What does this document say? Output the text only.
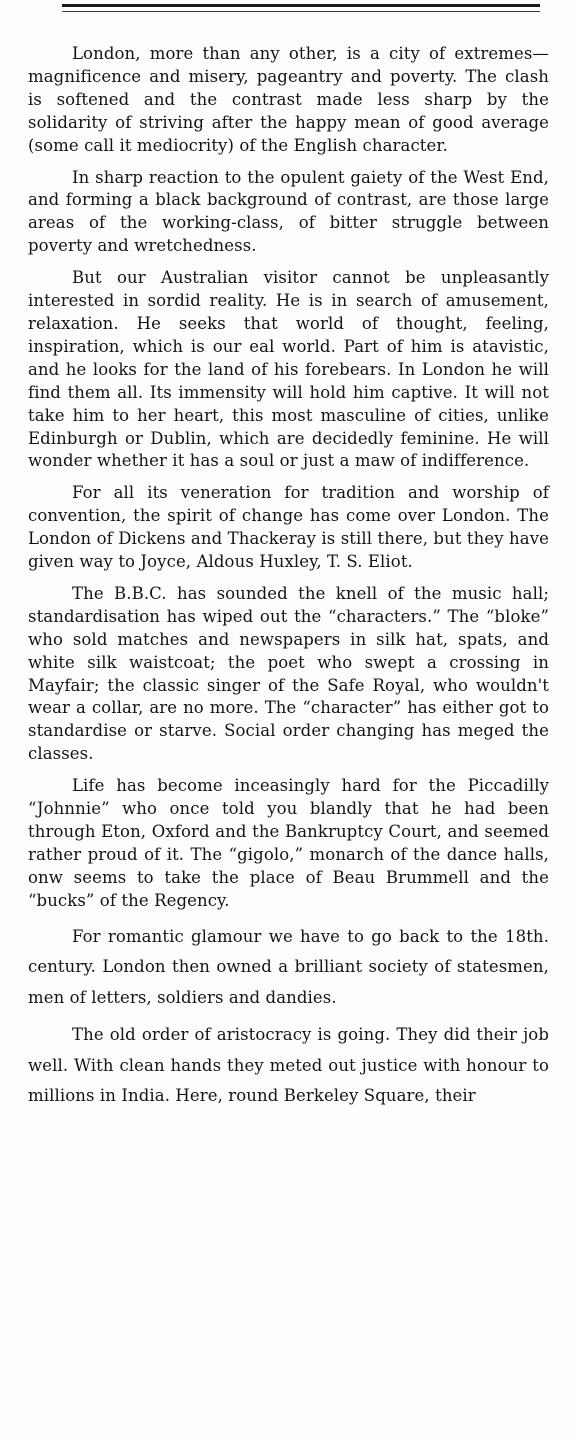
London, more than any other, is a city of extremes—magnificence and misery, pageantry and poverty. The clash is softened and the contrast made less sharp by the solidarity of striving after the happy mean of good average (some call it mediocrity) of the English character.

In sharp reaction to the opulent gaiety of the West End, and forming a black background of contrast, are those large areas of the working-class, of bitter struggle between poverty and wretchedness.

But our Australian visitor cannot be unpleasantly interested in sordid reality. He is in search of amusement, relaxation. He seeks that world of thought, feeling, inspiration, which is our eal world. Part of him is atavistic, and he looks for the land of his forebears. In London he will find them all. Its immensity will hold him captive. It will not take him to her heart, this most masculine of cities, unlike Edinburgh or Dublin, which are decidedly feminine. He will wonder whether it has a soul or just a maw of indifference.

For all its veneration for tradition and worship of convention, the spirit of change has come over London. The London of Dickens and Thackeray is still there, but they have given way to Joyce, Aldous Huxley, T. S. Eliot.

The B.B.C. has sounded the knell of the music hall; standardisation has wiped out the “characters.” The “bloke” who sold matches and newspapers in silk hat, spats, and white silk waistcoat; the poet who swept a crossing in Mayfair; the classic singer of the Safe Royal, who wouldn't wear a collar, are no more. The “character” has either got to standardise or starve. Social order changing has meged the classes.

Life has become inceasingly hard for the Piccadilly “Johnnie” who once told you blandly that he had been through Eton, Oxford and the Bankruptcy Court, and seemed rather proud of it. The “gigolo,” monarch of the dance halls, onw seems to take the place of Beau Brummell and the “bucks” of the Regency.

For romantic glamour we have to go back to the 18th. century. London then owned a brilliant society of statesmen, men of letters, soldiers and dandies.

The old order of aristocracy is going. They did their job well. With clean hands they meted out justice with honour to millions in India. Here, round Berkeley Square, their
